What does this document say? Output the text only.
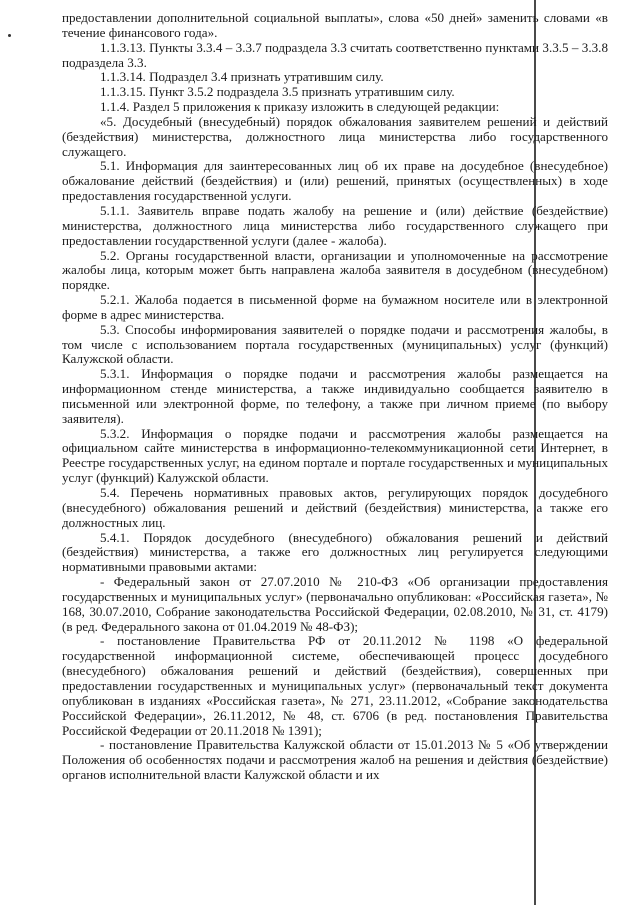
предоставлении дополнительной социальной выплаты», слова «50 дней» заменить словами «в течение финансового года».

1.1.3.13. Пункты 3.3.4 – 3.3.7 подраздела 3.3 считать соответственно пунктами 3.3.5 – 3.3.8 подраздела 3.3.

1.1.3.14. Подраздел 3.4 признать утратившим силу.

1.1.3.15. Пункт 3.5.2 подраздела 3.5 признать утратившим силу.

1.1.4. Раздел 5 приложения к приказу изложить в следующей редакции:

«5. Досудебный (внесудебный) порядок обжалования заявителем решений и действий (бездействия) министерства, должностного лица министерства либо государственного служащего.

5.1. Информация для заинтересованных лиц об их праве на досудебное (внесудебное) обжалование действий (бездействия) и (или) решений, принятых (осуществленных) в ходе предоставления государственной услуги.

5.1.1. Заявитель вправе подать жалобу на решение и (или) действие (бездействие) министерства, должностного лица министерства либо государственного служащего при предоставлении государственной услуги (далее - жалоба).

5.2. Органы государственной власти, организации и уполномоченные на рассмотрение жалобы лица, которым может быть направлена жалоба заявителя в досудебном (внесудебном) порядке.

5.2.1. Жалоба подается в письменной форме на бумажном носителе или в электронной форме в адрес министерства.

5.3. Способы информирования заявителей о порядке подачи и рассмотрения жалобы, в том числе с использованием портала государственных (муниципальных) услуг (функций) Калужской области.

5.3.1. Информация о порядке подачи и рассмотрения жалобы размещается на информационном стенде министерства, а также индивидуально сообщается заявителю в письменной или электронной форме, по телефону, а также при личном приеме (по выбору заявителя).

5.3.2. Информация о порядке подачи и рассмотрения жалобы размещается на официальном сайте министерства в информационно-телекоммуникационной сети Интернет, в Реестре государственных услуг, на едином портале и портале государственных и муниципальных услуг (функций) Калужской области.

5.4. Перечень нормативных правовых актов, регулирующих порядок досудебного (внесудебного) обжалования решений и действий (бездействия) министерства, а также его должностных лиц.

5.4.1. Порядок досудебного (внесудебного) обжалования решений и действий (бездействия) министерства, а также его должностных лиц регулируется следующими нормативными правовыми актами:

- Федеральный закон от 27.07.2010 № 210-ФЗ «Об организации предоставления государственных и муниципальных услуг» (первоначально опубликован: «Российская газета», № 168, 30.07.2010, Собрание законодательства Российской Федерации, 02.08.2010, № 31, ст. 4179) (в ред. Федерального закона от 01.04.2019 № 48-ФЗ);

- постановление Правительства РФ от 20.11.2012 № 1198 «О федеральной государственной информационной системе, обеспечивающей процесс досудебного (внесудебного) обжалования решений и действий (бездействия), совершенных при предоставлении государственных и муниципальных услуг» (первоначальный текст документа опубликован в изданиях «Российская газета», № 271, 23.11.2012, «Собрание законодательства Российской Федерации», 26.11.2012, № 48, ст. 6706 (в ред. постановления Правительства Российской Федерации от 20.11.2018 № 1391);

- постановление Правительства Калужской области от 15.01.2013 № 5 «Об утверждении Положения об особенностях подачи и рассмотрения жалоб на решения и действия (бездействие) органов исполнительной власти Калужской области и их
